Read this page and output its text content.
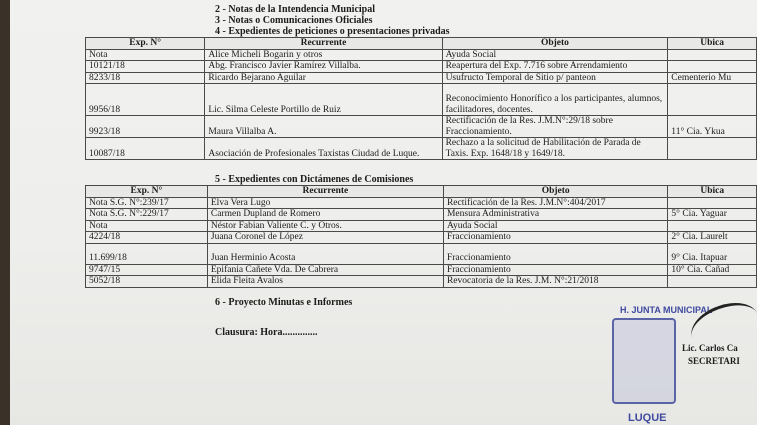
2 - Notas de la Intendencia Municipal
3 - Notas o Comunicaciones Oficiales
4 - Expedientes de peticiones o presentaciones privadas
Exp. N°	Recurrente	Objeto	Ubica
Nota	Alice Micheli Bogarin y otros	Ayuda Social	
10121/18	Abg. Francisco Javier Ramírez Villalba.	Reapertura del Exp. 7.716 sobre Arrendamiento	
8233/18	Ricardo Bejarano Aguilar	Usufructo Temporal de Sitio p/ panteon	Cementerio Mu
9956/18	Lic. Silma Celeste Portillo de Ruiz	Reconocimiento Honorífico a los participantes, alumnos, facilitadores, docentes.	
9923/18	Maura Villalba A.	Rectificación de la Res. J.M.N°:29/18 sobre Fraccionamiento.	11° Cia. Ykua
10087/18	Asociación de Profesionales Taxistas Ciudad de Luque.	Rechazo a la solicitud de Habilitación de Parada de Taxis. Exp. 1648/18 y 1649/18.	
5 - Expedientes con Dictámenes de Comisiones
Exp. N°	Recurrente	Objeto	Ubica
Nota S.G. N°:239/17	Elva Vera Lugo	Rectificación de la Res. J.M.N°:404/2017	
Nota S.G. N°:229/17	Carmen Dupland de Romero	Mensura Administrativa	5° Cia. Yaguar
Nota	Néstor Fabian Valiente C. y Otros.	Ayuda Social	
4224/18	Juana Coronel de López	Fraccionamiento	2° Cia. Laurelt
11.699/18	Juan Herminio Acosta	Fraccionamiento	9° Cia. Itapuar
9747/15	Epifania Cañete Vda. De Cabrera	Fraccionamiento	10° Cia. Cañad
5052/18	Elida Fleita Avalos	Revocatoria de la Res. J.M. N°:21/2018	
6 - Proyecto Minutas e Informes
Clausura: Hora..............
H. JUNTA MUNICIPAL
LUQUE
Lic. Carlos Ca
SECRETARI
